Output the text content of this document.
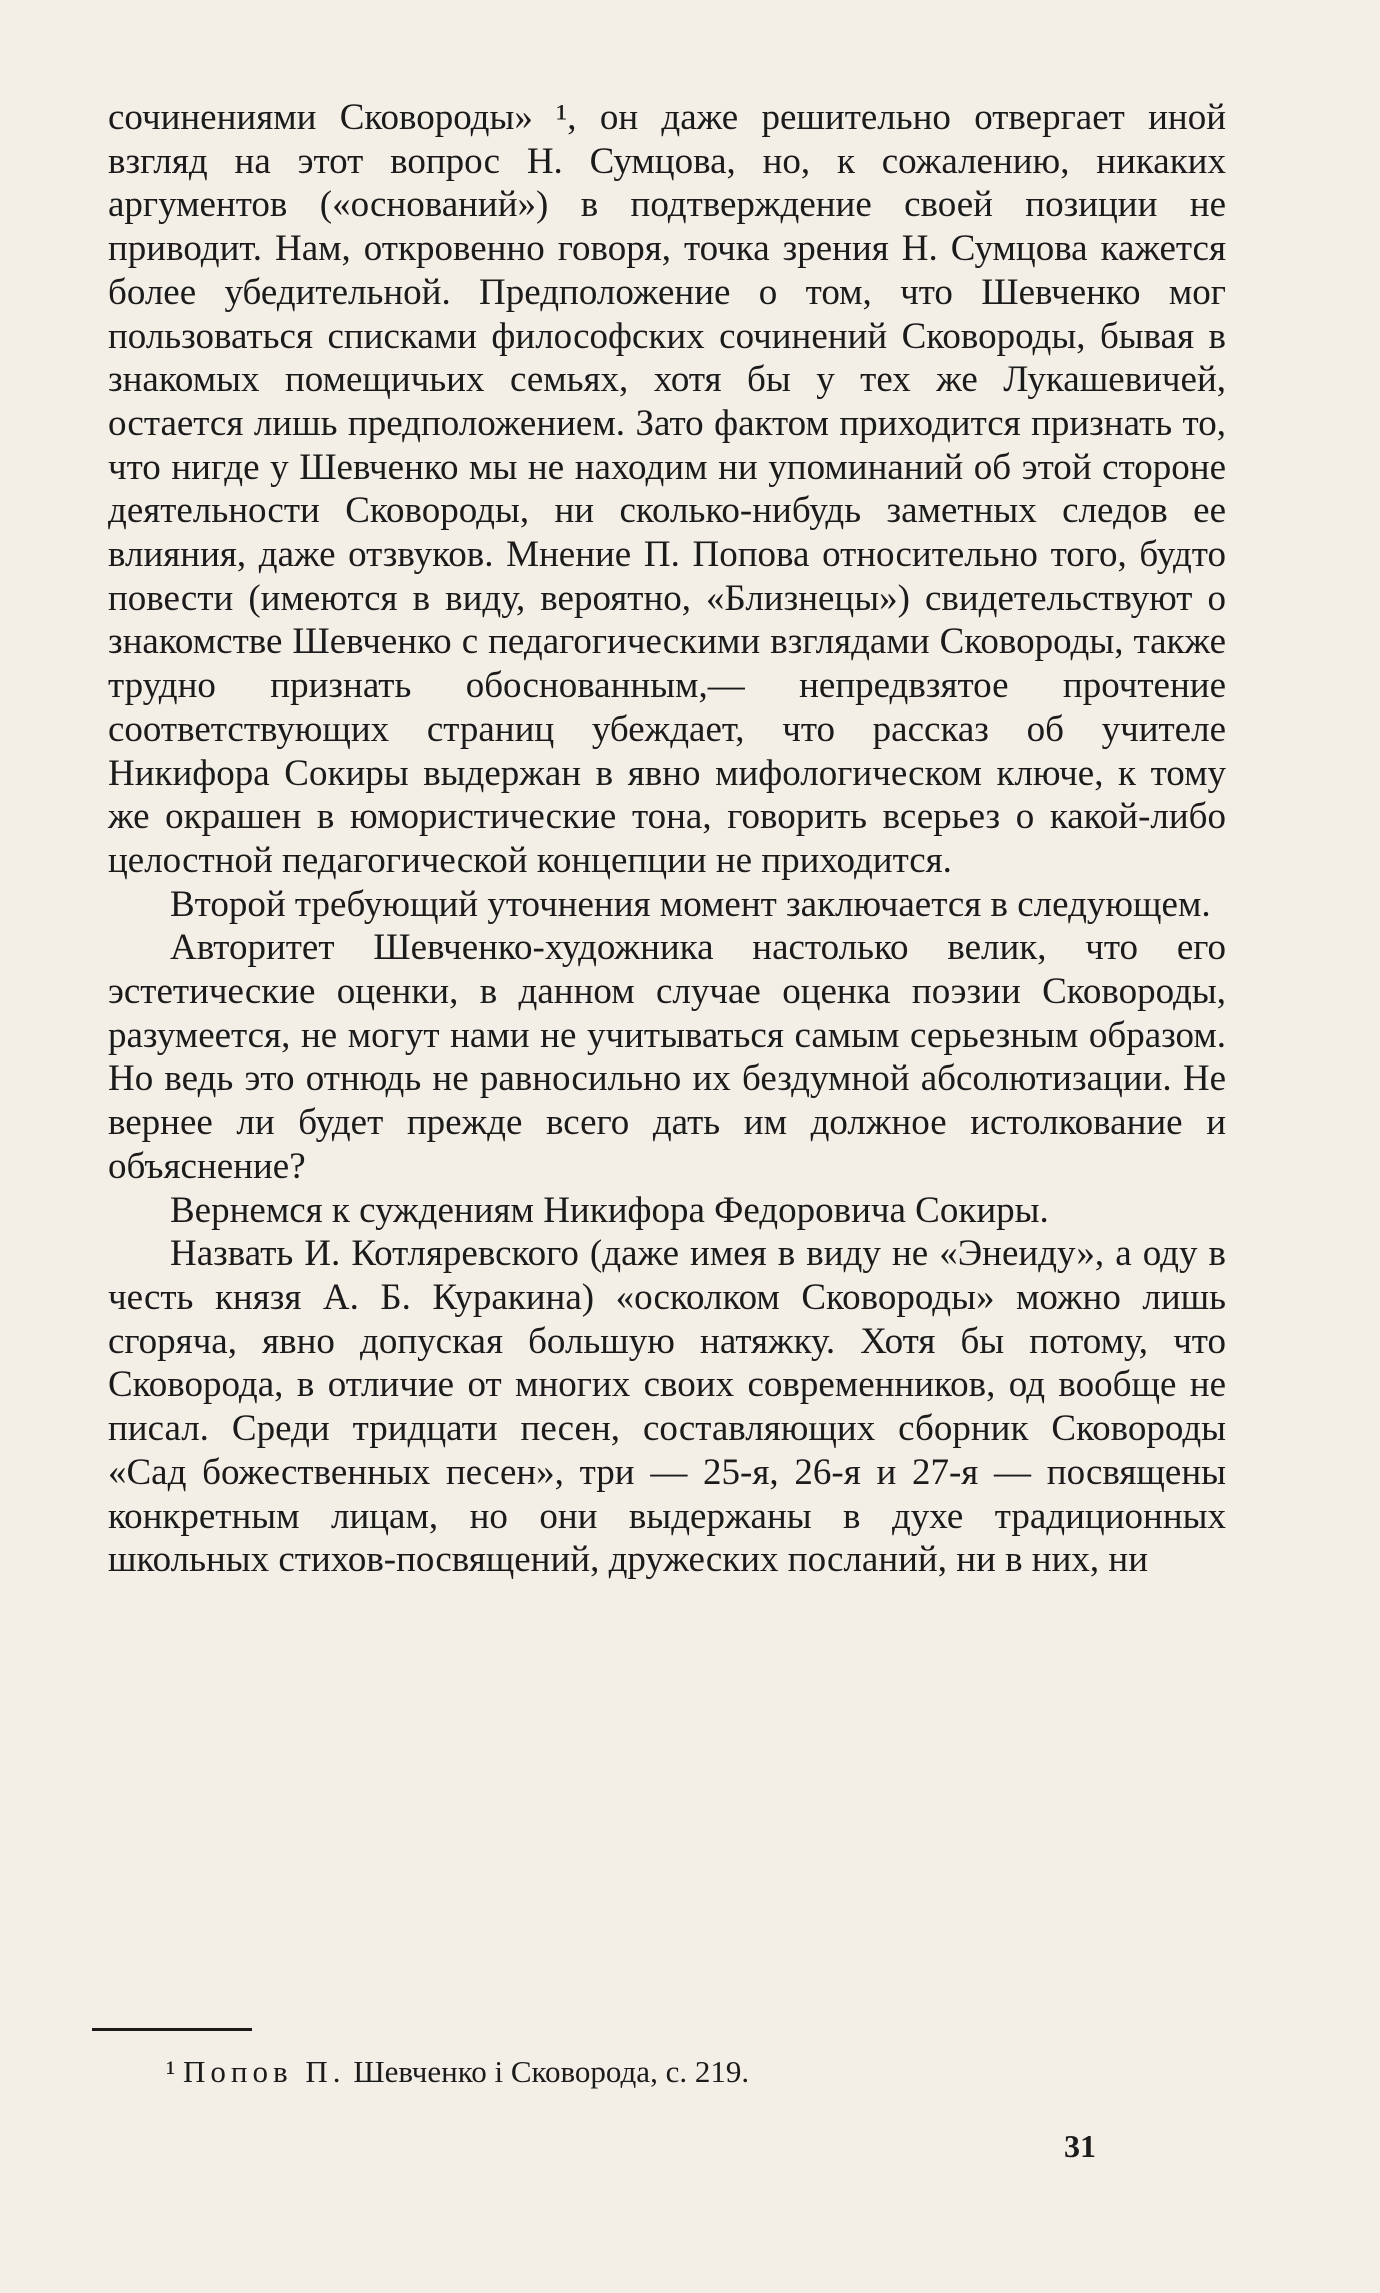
сочинениями Сковороды» ¹, он даже решительно отвергает иной взгляд на этот вопрос Н. Сумцова, но, к сожалению, никаких аргументов («оснований») в подтверждение своей позиции не приводит. Нам, откровенно говоря, точка зрения Н. Сумцова кажется более убедительной. Предположение о том, что Шевченко мог пользоваться списками философских сочинений Сковороды, бывая в знакомых помещичьих семьях, хотя бы у тех же Лукашевичей, остается лишь предположением. Зато фактом приходится признать то, что нигде у Шевченко мы не находим ни упоминаний об этой стороне деятельности Сковороды, ни сколько-нибудь заметных следов ее влияния, даже отзвуков. Мнение П. Попова относительно того, будто повести (имеются в виду, вероятно, «Близнецы») свидетельствуют о знакомстве Шевченко с педагогическими взглядами Сковороды, также трудно признать обоснованным,— непредвзятое прочтение соответствующих страниц убеждает, что рассказ об учителе Никифора Сокиры выдержан в явно мифологическом ключе, к тому же окрашен в юмористические тона, говорить всерьез о какой-либо целостной педагогической концепции не приходится.

Второй требующий уточнения момент заключается в следующем.

Авторитет Шевченко-художника настолько велик, что его эстетические оценки, в данном случае оценка поэзии Сковороды, разумеется, не могут нами не учитываться самым серьезным образом. Но ведь это отнюдь не равносильно их бездумной абсолютизации. Не вернее ли будет прежде всего дать им должное истолкование и объяснение?

Вернемся к суждениям Никифора Федоровича Сокиры.

Назвать И. Котляревского (даже имея в виду не «Энеиду», а оду в честь князя А. Б. Куракина) «осколком Сковороды» можно лишь сгоряча, явно допуская большую натяжку. Хотя бы потому, что Сковорода, в отличие от многих своих современников, од вообще не писал. Среди тридцати песен, составляющих сборник Сковороды «Сад божественных песен», три — 25-я, 26-я и 27-я — посвящены конкретным лицам, но они выдержаны в духе традиционных школьных стихов-посвящений, дружеских посланий, ни в них, ни

¹ Попов П. Шевченко і Сковорода, с. 219.
31
